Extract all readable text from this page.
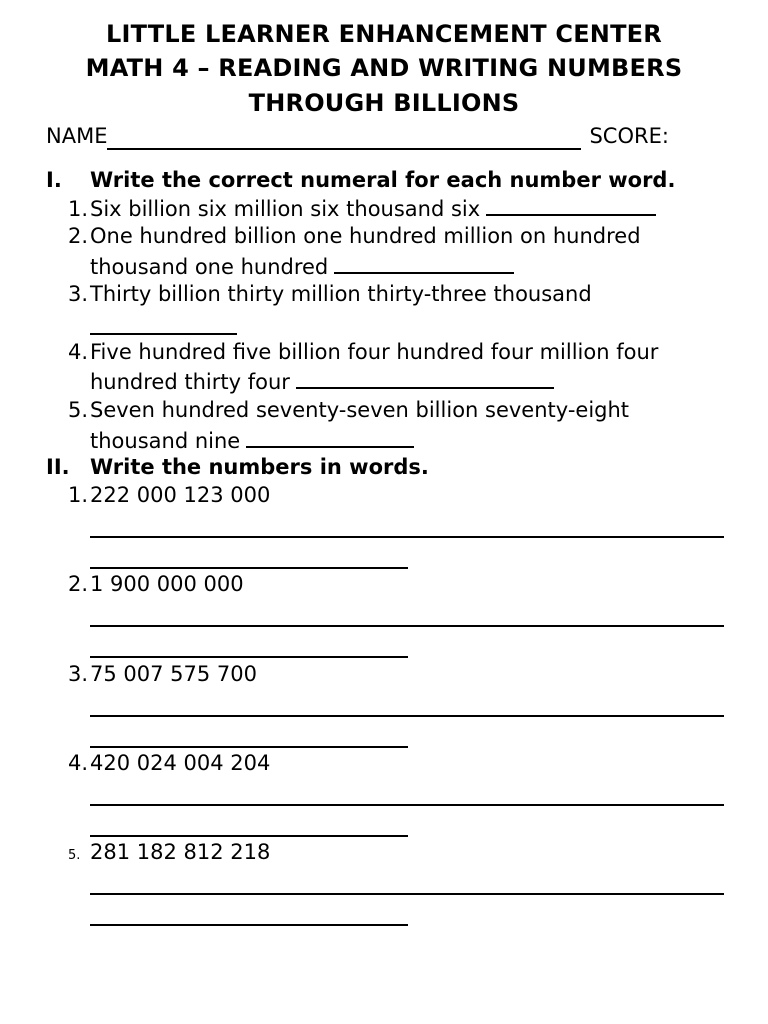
LITTLE LEARNER ENHANCEMENT CENTER
MATH 4 – READING AND WRITING NUMBERS
THROUGH BILLIONS
NAME	SCORE:
I. Write the correct numeral for each number word.
1.Six billion six million six thousand six
2.One hundred billion one hundred million on hundred
thousand one hundred
3.Thirty billion thirty million thirty-three thousand
4.Five hundred five billion four hundred four million four
hundred thirty four
5.Seven hundred seventy-seven billion seventy-eight
thousand nine
II. Write the numbers in words.
1.222 000 123 000
2.1 900 000 000
3.75 007 575 700
4.420 024 004 204
5. 281 182 812 218
